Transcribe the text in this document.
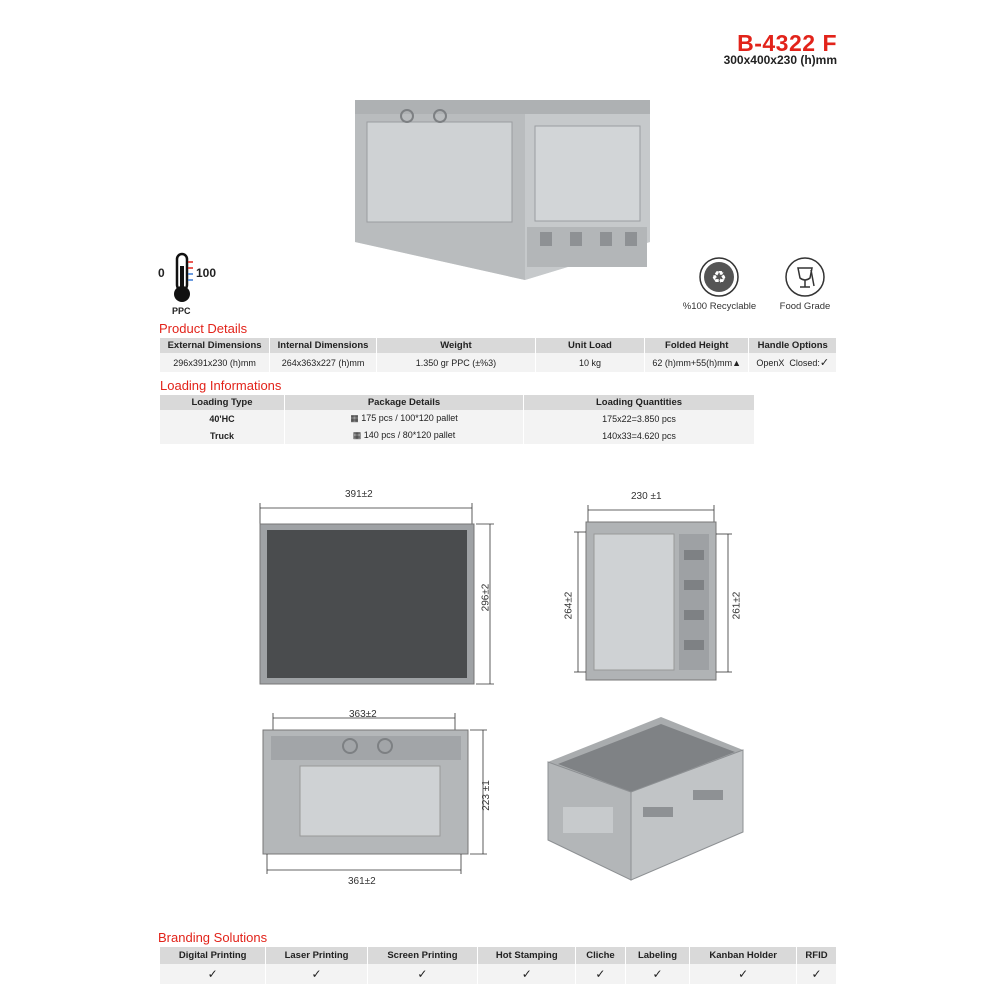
B-4322 F
300x400x230 (h)mm
0	100
PPC
♻
%100 Recyclable	Food Grade
Product Details
External Dimensions	Internal Dimensions	Weight	Unit Load	Folded Height	Handle Options
296x391x230 (h)mm	264x363x227 (h)mm	1.350 gr PPC (±%3)	10 kg	62 (h)mm+55(h)mm▲	OpenX Closed:✓
Loading Informations
Loading Type	Package Details	Loading Quantities
40'HC	▦ 175 pcs / 100*120 pallet	175x22=3.850 pcs
Truck	▦ 140 pcs / 80*120 pallet	140x33=4.620 pcs
391±2
296±2
230 ±1
264±2	261±2
363±2
223 ±1
361±2
Branding Solutions
Digital Printing	Laser Printing	Screen Printing	Hot Stamping	Cliche	Labeling	Kanban Holder	RFID
✓	✓	✓	✓	✓	✓	✓	✓
